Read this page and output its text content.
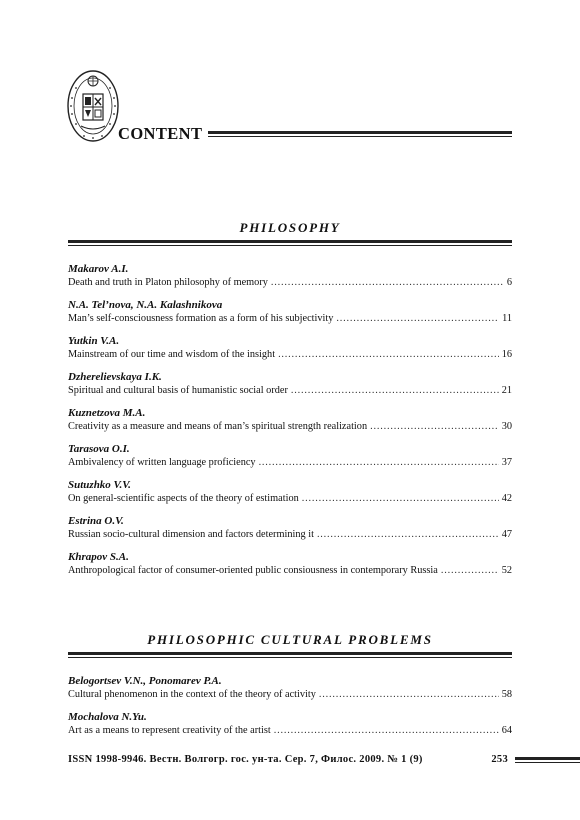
CONTENT
PHILOSOPHY
Makarov A.I.
Death and truth in Platon philosophy of memory .....	6
N.A. Tel’nova, N.A. Kalashnikova
Man’s self-consciousness formation as a form of his subjectivity .....	11
Yutkin V.A.
Mainstream of our time and wisdom of the insight .....	16
Dzherelievskaya I.K.
Spiritual and cultural basis of humanistic social order .....	21
Kuznetzova M.A.
Creativity as a measure and means of man’s spiritual strength realization .....	30
Tarasova O.I.
Ambivalency of written language proficiency .....	37
Sutuzhko V.V.
On general-scientific aspects of the theory of estimation .....	42
Estrina O.V.
Russian socio-cultural dimension and factors determining it .....	47
Khrapov S.A.
Anthropological factor of consumer-oriented public consiousness in contemporary Russia .....	52
PHILOSOPHIC CULTURAL PROBLEMS
Belogortsev V.N., Ponomarev P.A.
Cultural phenomenon in the context of the theory of activity .....	58
Mochalova N.Yu.
Art as a means to represent creativity of the artist .....	64
ISSN 1998-9946. Вестн. Волгогр. гос. ун-та. Сер. 7, Филос. 2009. № 1 (9)	253
